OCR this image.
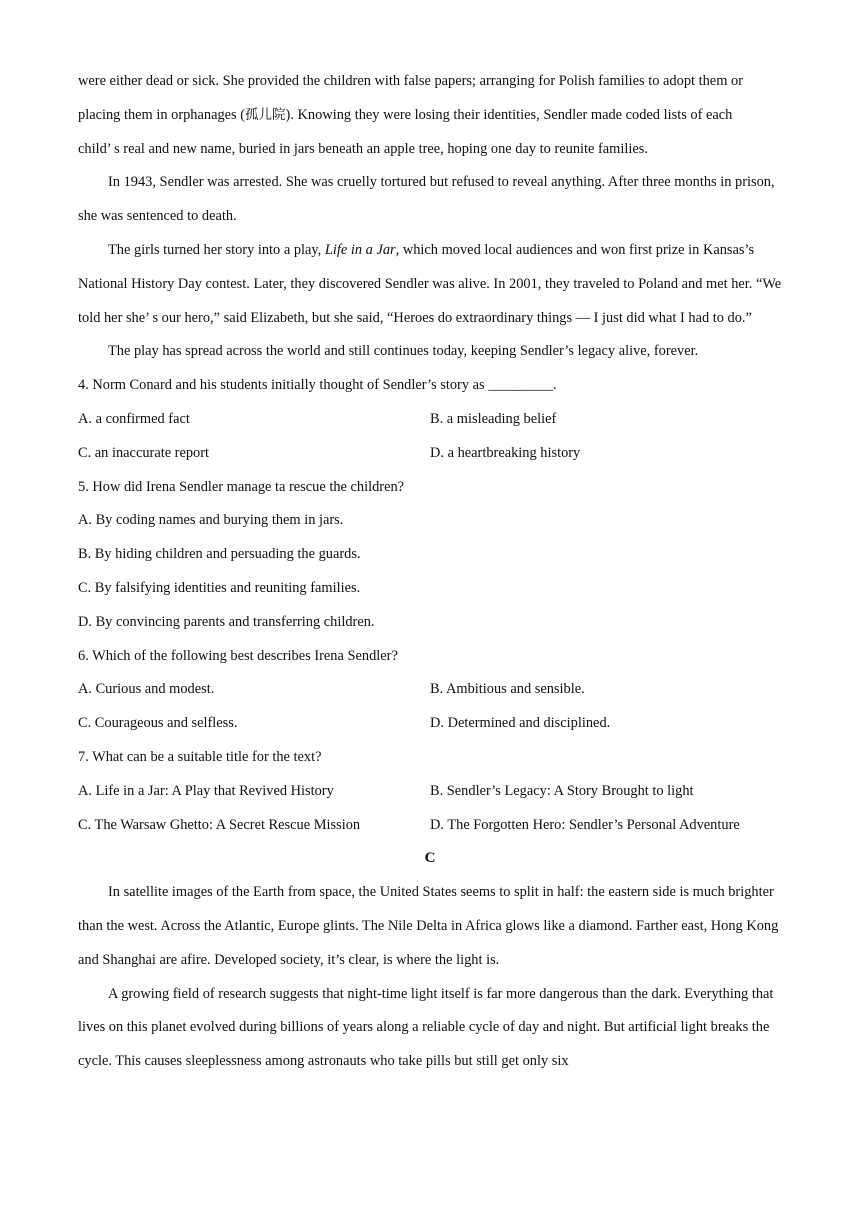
were either dead or sick. She provided the children with false papers; arranging for Polish families to adopt them or

placing them in orphanages (孤儿院). Knowing they were losing their identities, Sendler made coded lists of each

child’ s real and new name, buried in jars beneath an apple tree, hoping one day to reunite families.

In 1943, Sendler was arrested. She was cruelly tortured but refused to reveal anything. After three months in prison, she was sentenced to death.

The girls turned her story into a play, Life in a Jar, which moved local audiences and won first prize in Kansas’s National History Day contest. Later, they discovered Sendler was alive. In 2001, they traveled to Poland and met her. “We told her she’ s our hero,” said Elizabeth, but she said, “Heroes do extraordinary things — I just did what I had to do.”

The play has spread across the world and still continues today, keeping Sendler’s legacy alive, forever.

4. Norm Conard and his students initially thought of Sendler’s story as _________.

A. a confirmed fact	B. a misleading belief
C. an inaccurate report	D. a heartbreaking history

5. How did Irena Sendler manage ta rescue the children?

A. By coding names and burying them in jars.

B. By hiding children and persuading the guards.

C. By falsifying identities and reuniting families.

D. By convincing parents and transferring children.

6. Which of the following best describes Irena Sendler?

A. Curious and modest.	B. Ambitious and sensible.
C. Courageous and selfless.	D. Determined and disciplined.

7. What can be a suitable title for the text?

A. Life in a Jar: A Play that Revived History	B. Sendler’s Legacy: A Story Brought to light
C. The Warsaw Ghetto: A Secret Rescue Mission	D. The Forgotten Hero: Sendler’s Personal Adventure

C

In satellite images of the Earth from space, the United States seems to split in half: the eastern side is much brighter than the west. Across the Atlantic, Europe glints. The Nile Delta in Africa glows like a diamond. Farther east, Hong Kong and Shanghai are afire. Developed society, it’s clear, is where the light is.

A growing field of research suggests that night-time light itself is far more dangerous than the dark. Everything that lives on this planet evolved during billions of years along a reliable cycle of day and night. But artificial light breaks the cycle. This causes sleeplessness among astronauts who take pills but still get only six
